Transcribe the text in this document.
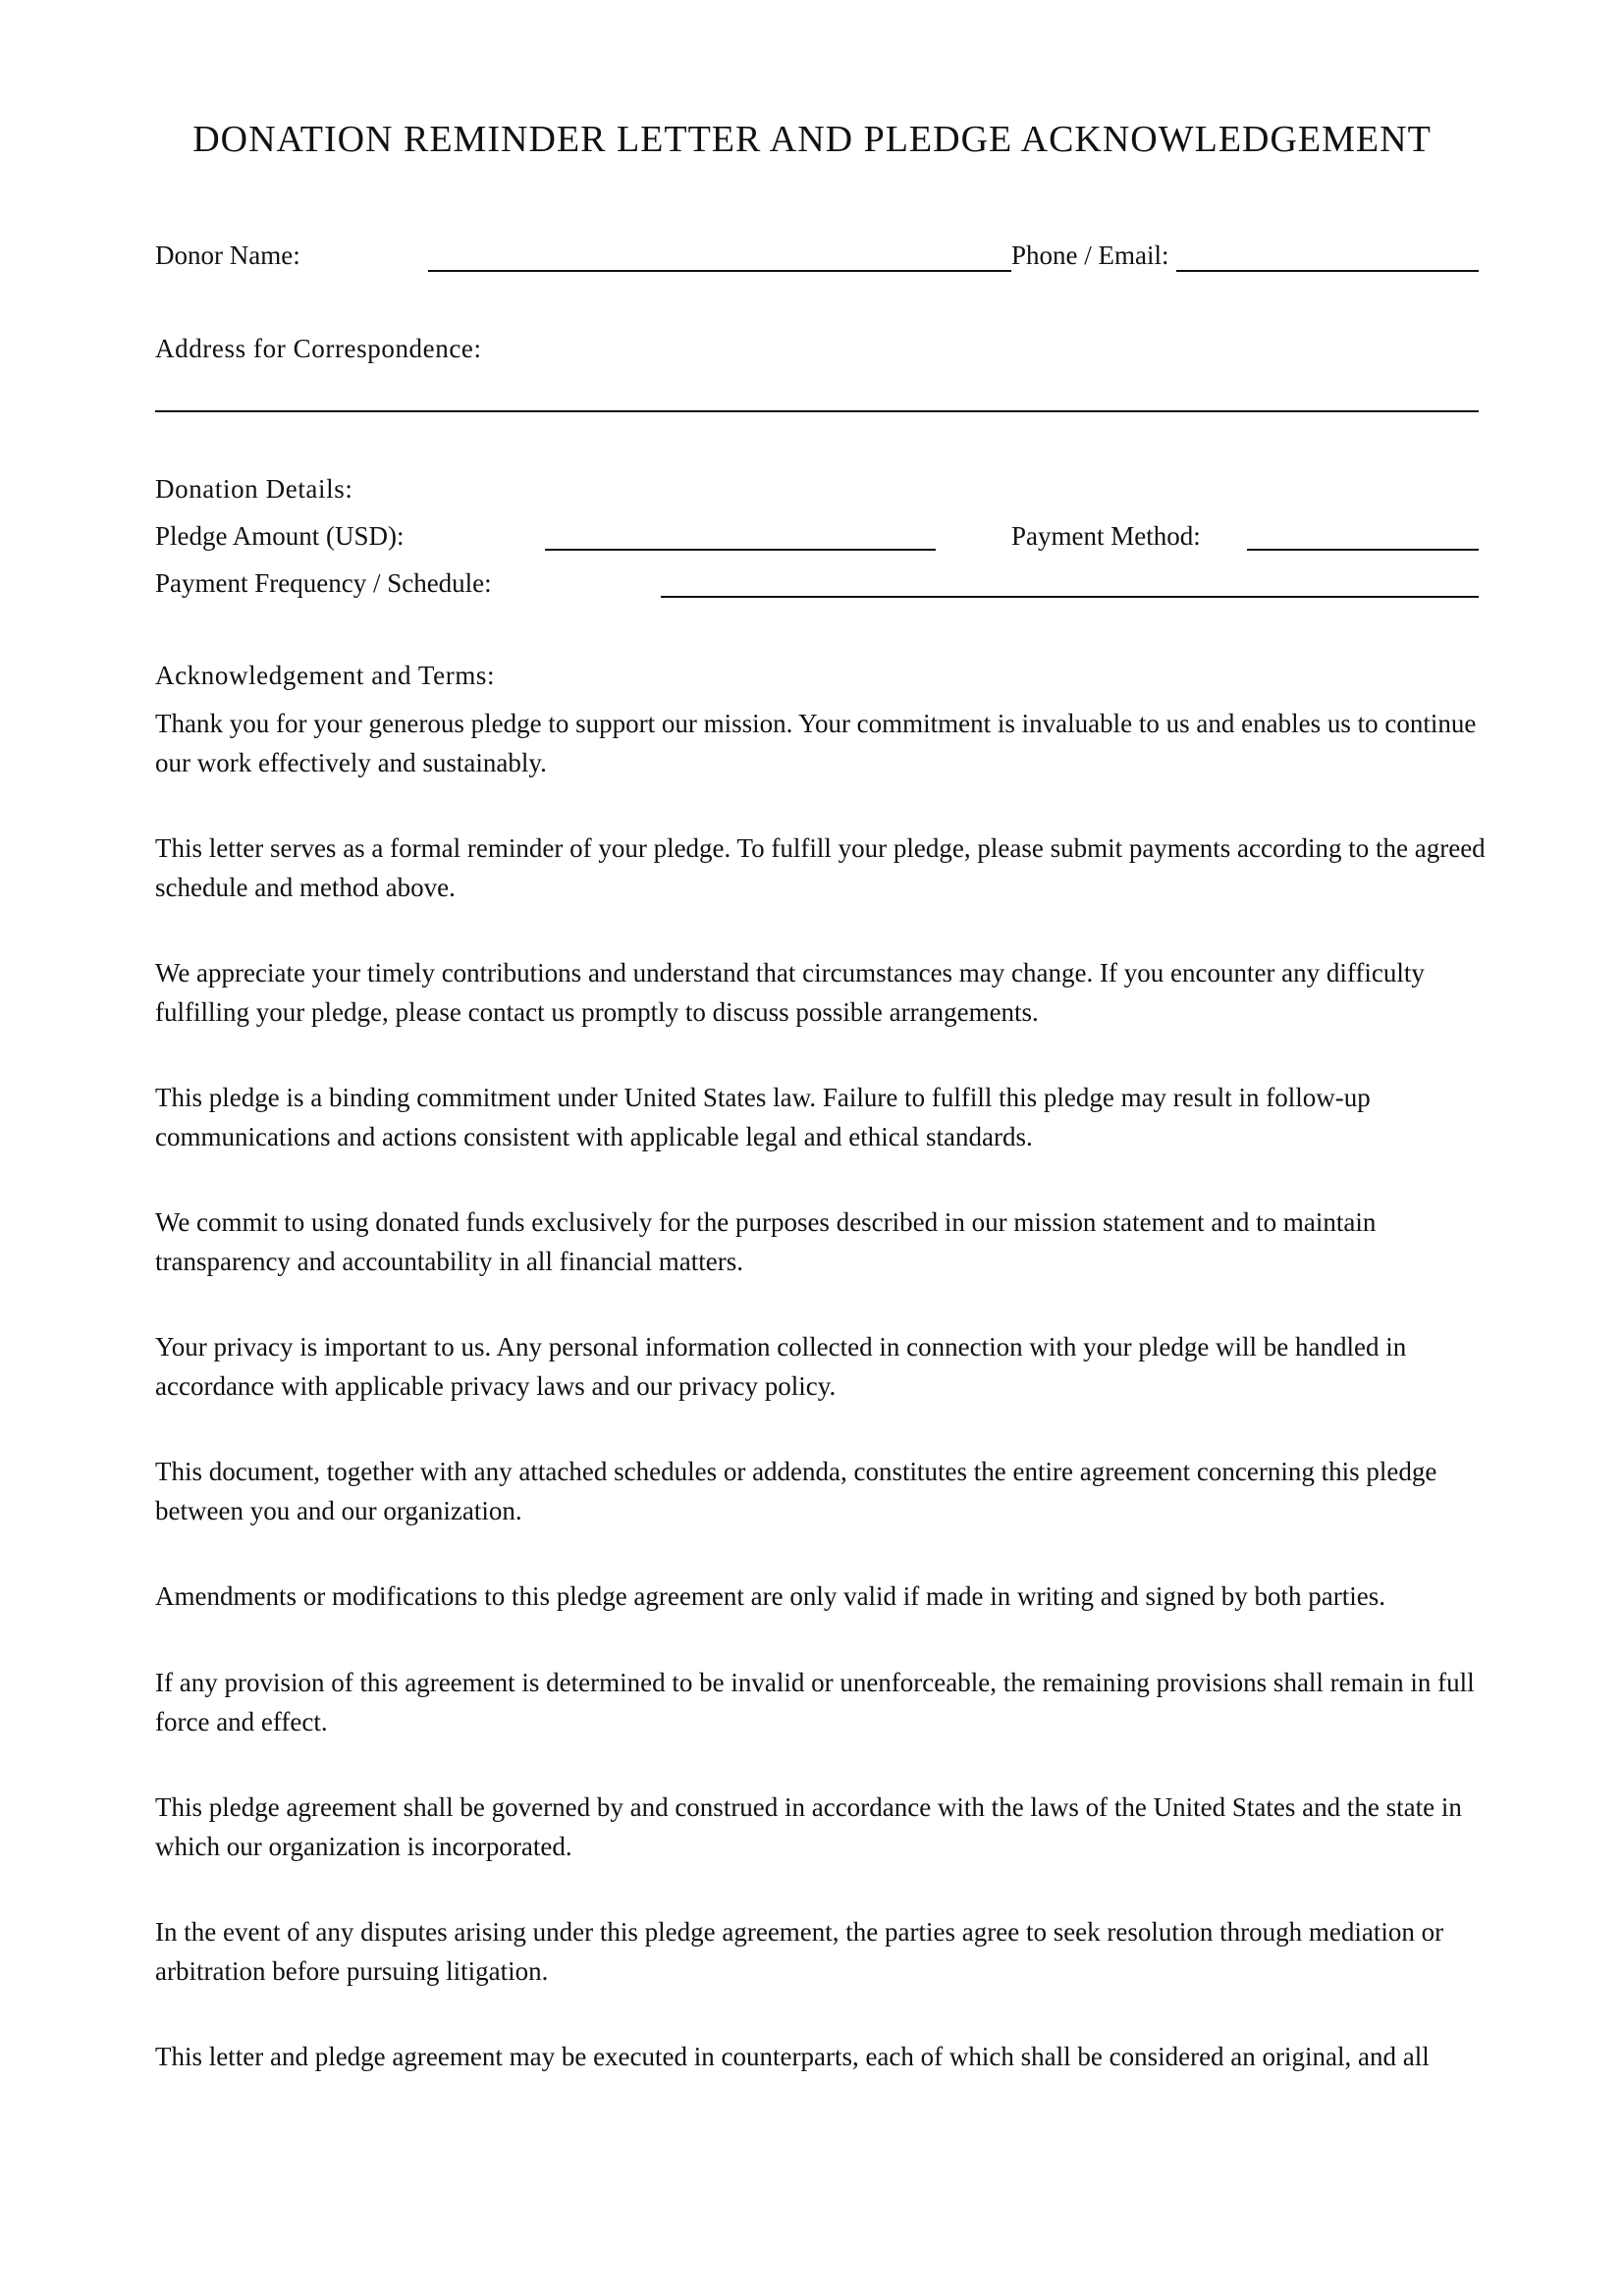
DONATION REMINDER LETTER AND PLEDGE ACKNOWLEDGEMENT
Donor Name:	Phone / Email:
Address for Correspondence:
Donation Details:
Pledge Amount (USD):	Payment Method:
Payment Frequency / Schedule:
Acknowledgement and Terms:
Thank you for your generous pledge to support our mission. Your commitment is invaluable to us and enables us to continue our work effectively and sustainably.
This letter serves as a formal reminder of your pledge. To fulfill your pledge, please submit payments according to the agreed schedule and method above.
We appreciate your timely contributions and understand that circumstances may change. If you encounter any difficulty fulfilling your pledge, please contact us promptly to discuss possible arrangements.
This pledge is a binding commitment under United States law. Failure to fulfill this pledge may result in follow-up communications and actions consistent with applicable legal and ethical standards.
We commit to using donated funds exclusively for the purposes described in our mission statement and to maintain transparency and accountability in all financial matters.
Your privacy is important to us. Any personal information collected in connection with your pledge will be handled in accordance with applicable privacy laws and our privacy policy.
This document, together with any attached schedules or addenda, constitutes the entire agreement concerning this pledge between you and our organization.
Amendments or modifications to this pledge agreement are only valid if made in writing and signed by both parties.
If any provision of this agreement is determined to be invalid or unenforceable, the remaining provisions shall remain in full force and effect.
This pledge agreement shall be governed by and construed in accordance with the laws of the United States and the state in which our organization is incorporated.
In the event of any disputes arising under this pledge agreement, the parties agree to seek resolution through mediation or arbitration before pursuing litigation.
This letter and pledge agreement may be executed in counterparts, each of which shall be considered an original, and all
